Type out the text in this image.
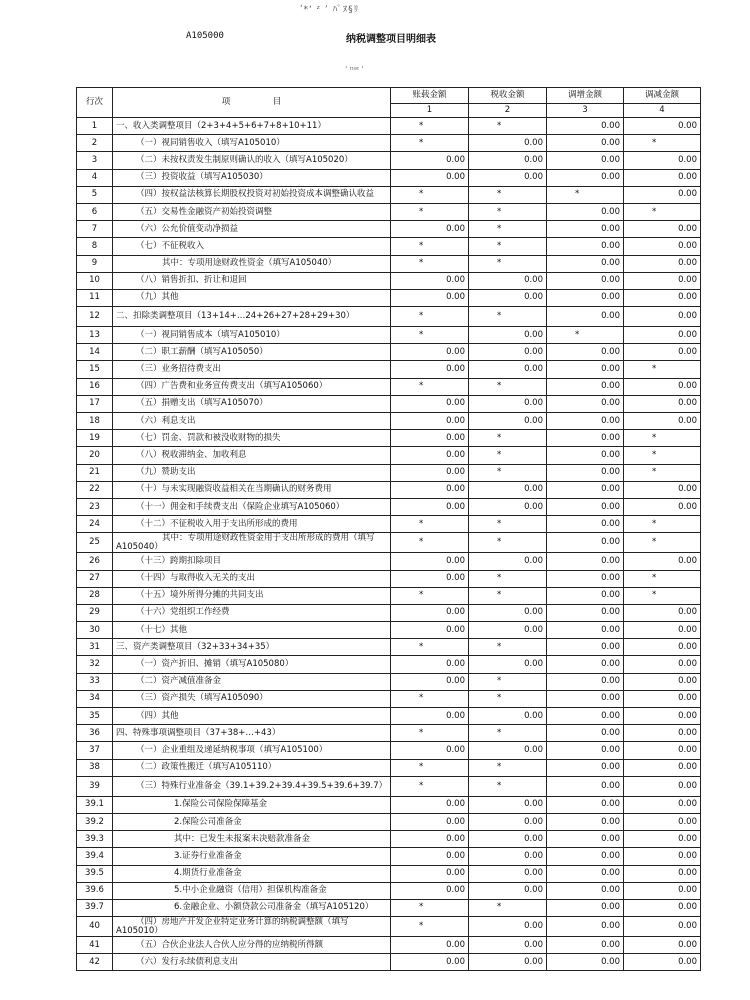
ʹ*‘ ᶻ ʼ ﾊﾟﾇ§ﾘ
A105000	纳税调整项目明细表
ˈ ᶦᶦᵃᶦ ˈ
行次	项　　　　　目	账载金额	税收金额	调增金额	调减金额
		1	2	3	4
1	一、收入类调整项目（2+3+4+5+6+7+8+10+11）	*	*	0.00	0.00
2	（一）视同销售收入（填写A105010）	*	0.00	0.00	*
3	（二）未按权责发生制原则确认的收入（填写A105020）	0.00	0.00	0.00	0.00
4	（三）投资收益（填写A105030）	0.00	0.00	0.00	0.00
5	（四）按权益法核算长期股权投资对初始投资成本调整确认收益	*	*	*	0.00
6	（五）交易性金融资产初始投资调整	*	*	0.00	*
7	（六）公允价值变动净损益	0.00	*	0.00	0.00
8	（七）不征税收入	*	*	0.00	0.00
9	其中：专项用途财政性资金（填写A105040）	*	*	0.00	0.00
10	（八）销售折扣、折让和退回	0.00	0.00	0.00	0.00
11	（九）其他	0.00	0.00	0.00	0.00
12	二、扣除类调整项目（13+14+…24+26+27+28+29+30）	*	*	0.00	0.00
13	（一）视同销售成本（填写A105010）	*	0.00	*	0.00
14	（二）职工薪酬（填写A105050）	0.00	0.00	0.00	0.00
15	（三）业务招待费支出	0.00	0.00	0.00	*
16	（四）广告费和业务宣传费支出（填写A105060）	*	*	0.00	0.00
17	（五）捐赠支出（填写A105070）	0.00	0.00	0.00	0.00
18	（六）利息支出	0.00	0.00	0.00	0.00
19	（七）罚金、罚款和被没收财物的损失	0.00	*	0.00	*
20	（八）税收滞纳金、加收利息	0.00	*	0.00	*
21	（九）赞助支出	0.00	*	0.00	*
22	（十）与未实现融资收益相关在当期确认的财务费用	0.00	0.00	0.00	0.00
23	（十一）佣金和手续费支出（保险企业填写A105060）	0.00	0.00	0.00	0.00
24	（十二）不征税收入用于支出所形成的费用	*	*	0.00	*
25	其中：专项用途财政性资金用于支出所形成的费用（填写A105040）	*	*	0.00	*
26	（十三）跨期扣除项目	0.00	0.00	0.00	0.00
27	（十四）与取得收入无关的支出	0.00	*	0.00	*
28	（十五）境外所得分摊的共同支出	*	*	0.00	*
29	（十六）党组织工作经费	0.00	0.00	0.00	0.00
30	（十七）其他	0.00	0.00	0.00	0.00
31	三、资产类调整项目（32+33+34+35）	*	*	0.00	0.00
32	（一）资产折旧、摊销（填写A105080）	0.00	0.00	0.00	0.00
33	（二）资产减值准备金	0.00	*	0.00	0.00
34	（三）资产损失（填写A105090）	*	*	0.00	0.00
35	（四）其他	0.00	0.00	0.00	0.00
36	四、特殊事项调整项目（37+38+…+43）	*	*	0.00	0.00
37	（一）企业重组及递延纳税事项（填写A105100）	0.00	0.00	0.00	0.00
38	（二）政策性搬迁（填写A105110）	*	*	0.00	0.00
39	（三）特殊行业准备金（39.1+39.2+39.4+39.5+39.6+39.7）	*	*	0.00	0.00
39.1	1.保险公司保险保障基金	0.00	0.00	0.00	0.00
39.2	2.保险公司准备金	0.00	0.00	0.00	0.00
39.3	其中：已发生未报案未决赔款准备金	0.00	0.00	0.00	0.00
39.4	3.证券行业准备金	0.00	0.00	0.00	0.00
39.5	4.期货行业准备金	0.00	0.00	0.00	0.00
39.6	5.中小企业融资（信用）担保机构准备金	0.00	0.00	0.00	0.00
39.7	6.金融企业、小额贷款公司准备金（填写A105120）	*	*	0.00	0.00
40	（四）房地产开发企业特定业务计算的纳税调整额（填写A105010）	*	0.00	0.00	0.00
41	（五）合伙企业法人合伙人应分得的应纳税所得额	0.00	0.00	0.00	0.00
42	（六）发行永续债利息支出	0.00	0.00	0.00	0.00
